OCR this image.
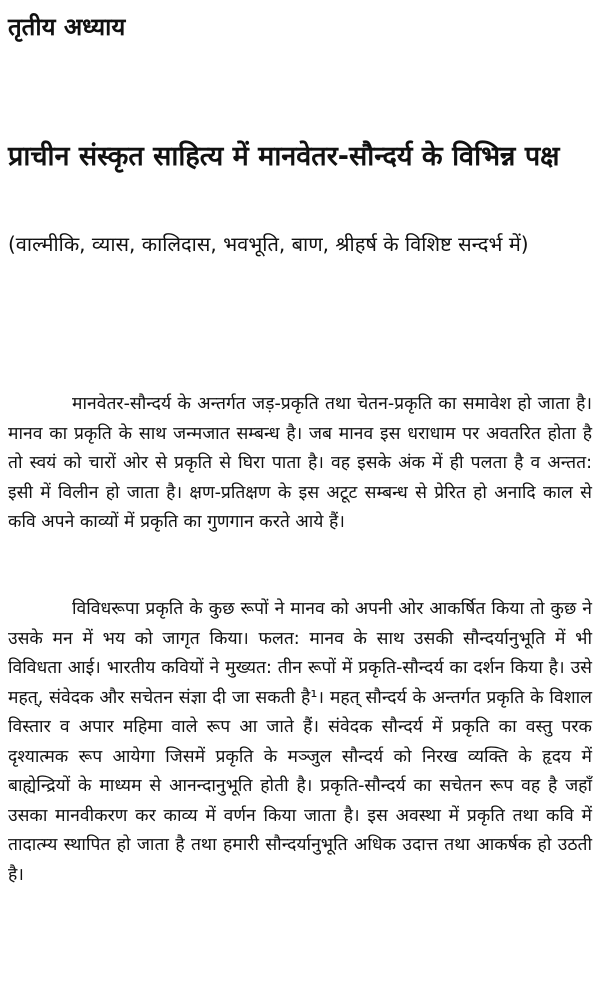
तृतीय अध्याय
प्राचीन संस्कृत साहित्य में मानवेतर-सौन्दर्य के विभिन्न पक्ष
(वाल्मीकि, व्यास, कालिदास, भवभूति, बाण, श्रीहर्ष के विशिष्ट सन्दर्भ में)

मानवेतर-सौन्दर्य के अन्तर्गत जड़-प्रकृति तथा चेतन-प्रकृति का समावेश हो जाता है। मानव का प्रकृति के साथ जन्मजात सम्बन्ध है। जब मानव इस धराधाम पर अवतरित होता है तो स्वयं को चारों ओर से प्रकृति से घिरा पाता है। वह इसके अंक में ही पलता है व अन्तत: इसी में विलीन हो जाता है। क्षण-प्रतिक्षण के इस अटूट सम्बन्ध से प्रेरित हो अनादि काल से कवि अपने काव्यों में प्रकृति का गुणगान करते आये हैं।

विविधरूपा प्रकृति के कुछ रूपों ने मानव को अपनी ओर आकर्षित किया तो कुछ ने उसके मन में भय को जागृत किया। फलत: मानव के साथ उसकी सौन्दर्यानुभूति में भी विविधता आई। भारतीय कवियों ने मुख्यत: तीन रूपों में प्रकृति-सौन्दर्य का दर्शन किया है। उसे महत्, संवेदक और सचेतन संज्ञा दी जा सकती है¹। महत् सौन्दर्य के अन्तर्गत प्रकृति के विशाल विस्तार व अपार महिमा वाले रूप आ जाते हैं। संवेदक सौन्दर्य में प्रकृति का वस्तु परक दृश्यात्मक रूप आयेगा जिसमें प्रकृति के मञ्जुल सौन्दर्य को निरख व्यक्ति के हृदय में बाह्येन्द्रियों के माध्यम से आनन्दानुभूति होती है। प्रकृति-सौन्दर्य का सचेतन रूप वह है जहाँ उसका मानवीकरण कर काव्य में वर्णन किया जाता है। इस अवस्था में प्रकृति तथा कवि में तादात्म्य स्थापित हो जाता है तथा हमारी सौन्दर्यानुभूति अधिक उदात्त तथा आकर्षक हो उठती है।
